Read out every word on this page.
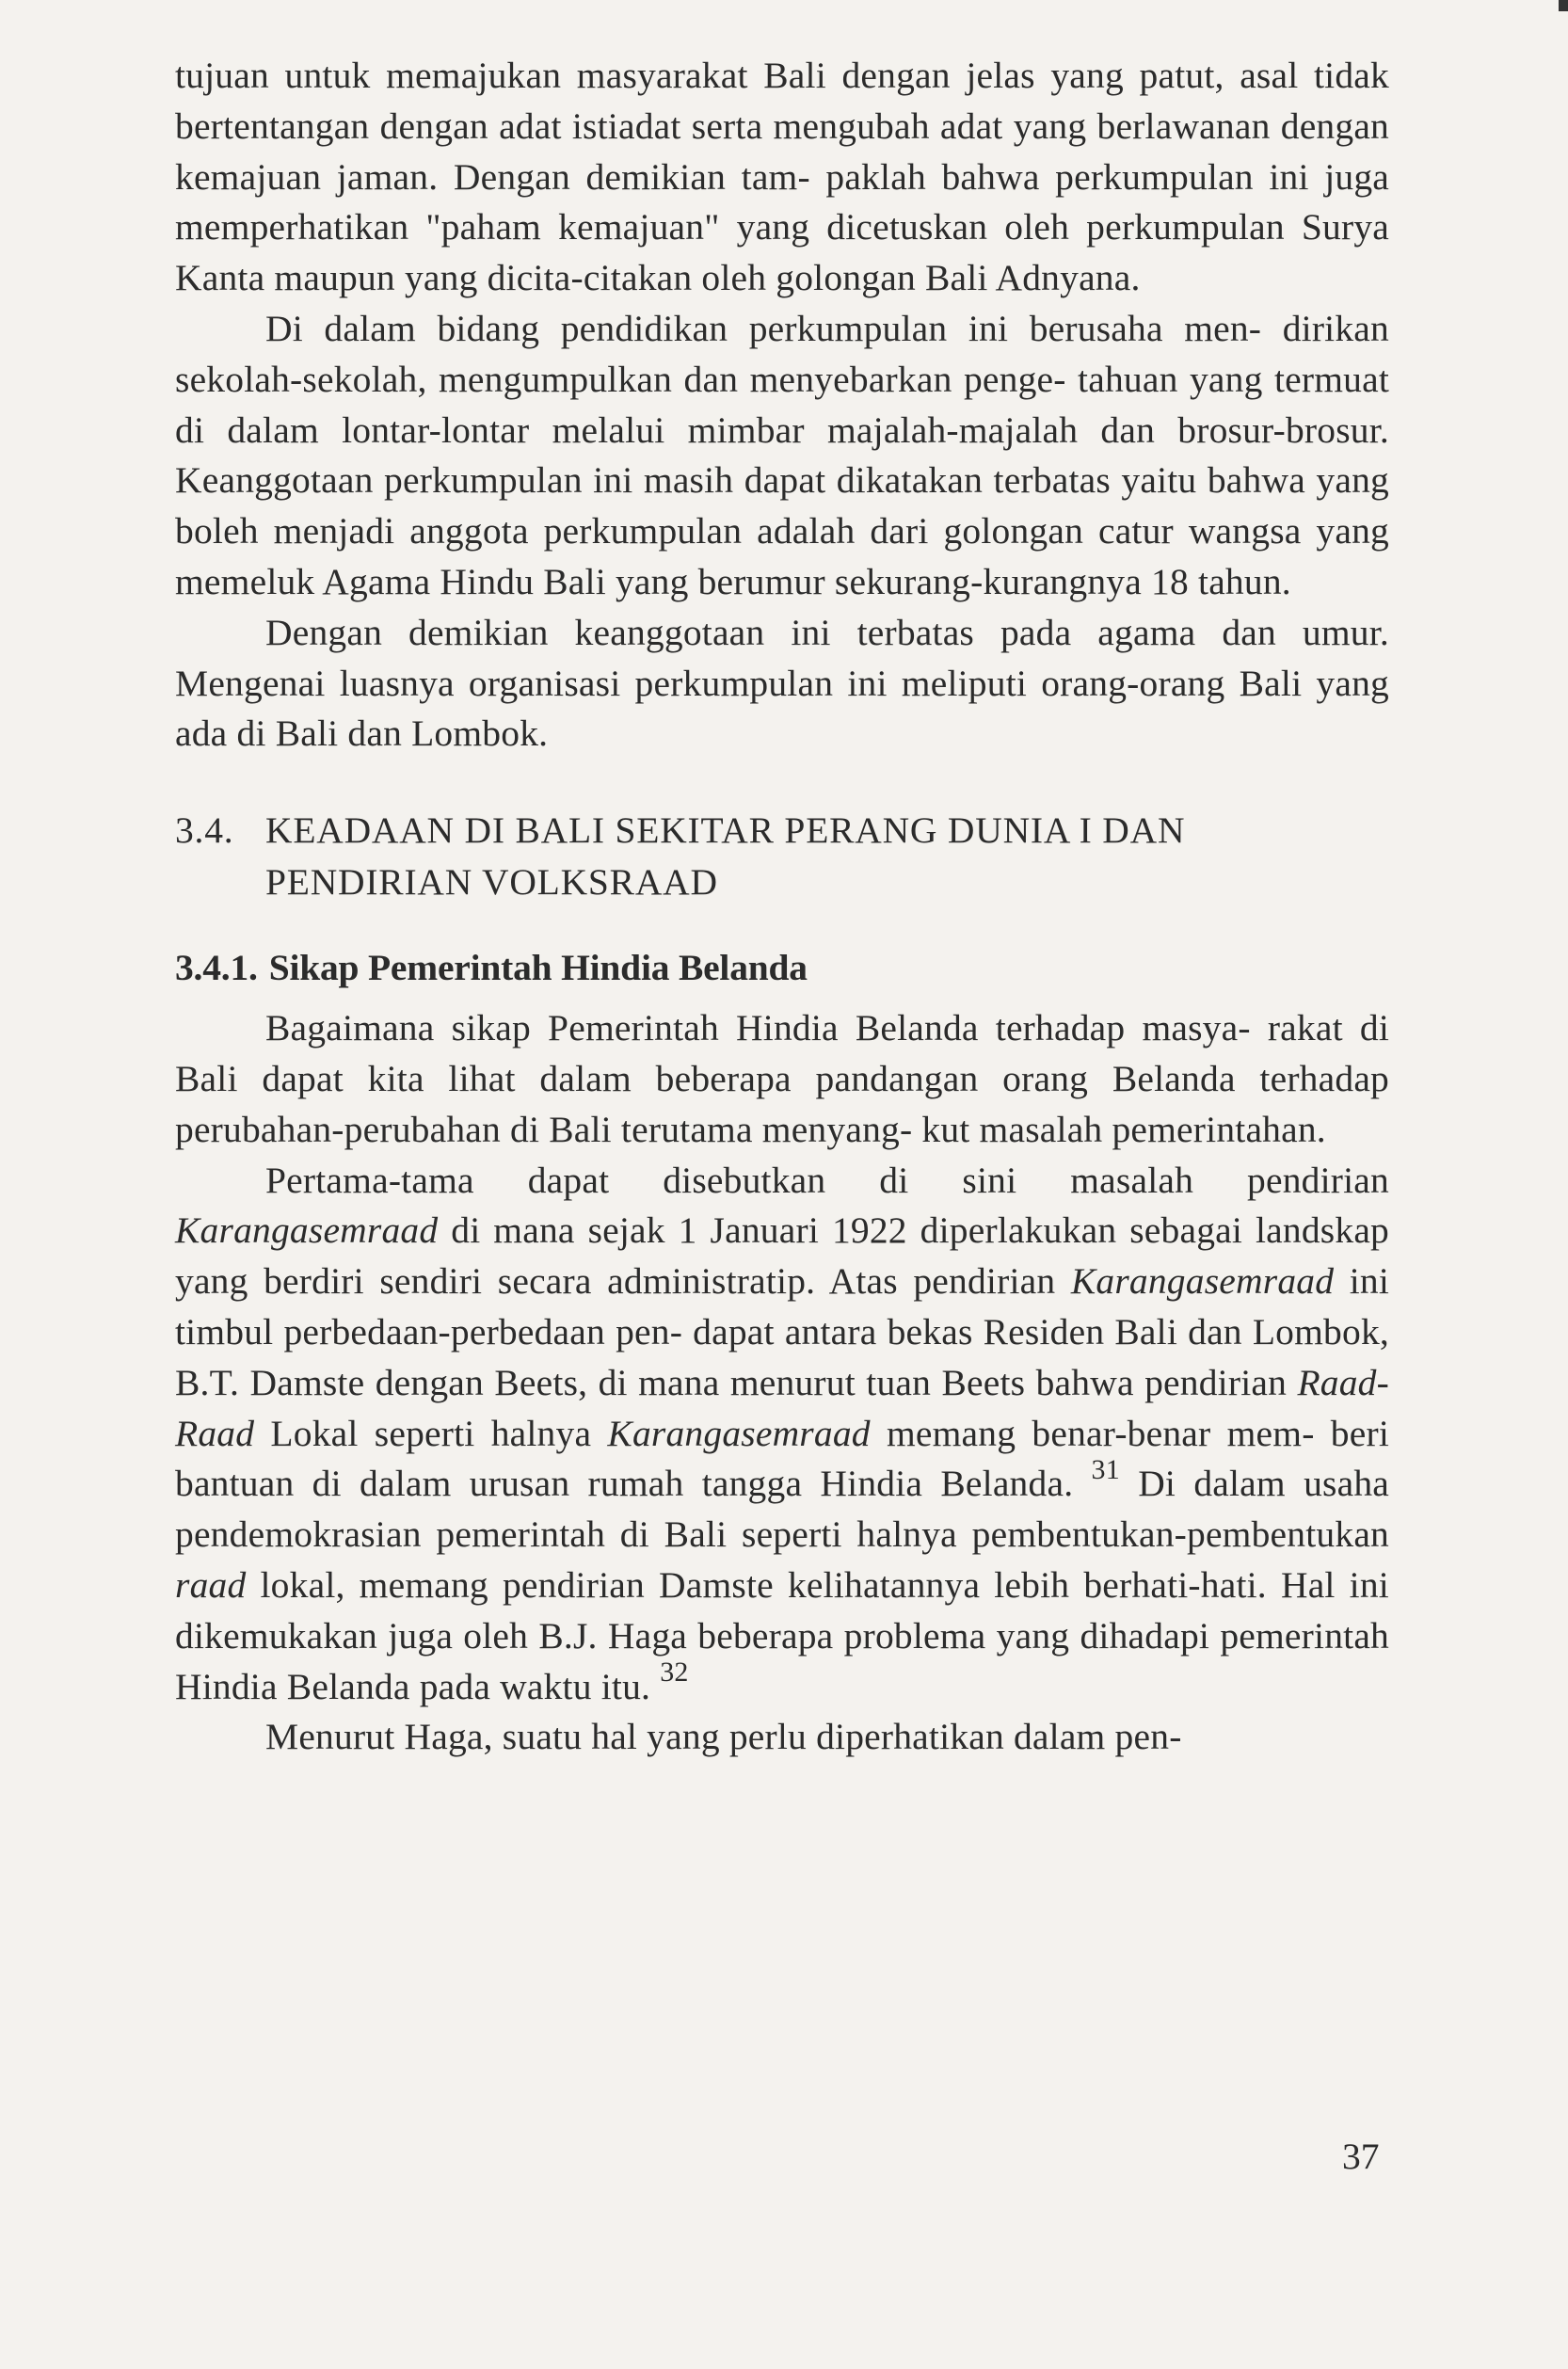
tujuan untuk memajukan masyarakat Bali dengan jelas yang patut, asal tidak bertentangan dengan adat istiadat serta mengubah adat yang berlawanan dengan kemajuan jaman. Dengan demikian tam- paklah bahwa perkumpulan ini juga memperhatikan "paham kemajuan" yang dicetuskan oleh perkumpulan Surya Kanta maupun yang dicita-citakan oleh golongan Bali Adnyana.

Di dalam bidang pendidikan perkumpulan ini berusaha men- dirikan sekolah-sekolah, mengumpulkan dan menyebarkan penge- tahuan yang termuat di dalam lontar-lontar melalui mimbar majalah-majalah dan brosur-brosur. Keanggotaan perkumpulan ini masih dapat dikatakan terbatas yaitu bahwa yang boleh menjadi anggota perkumpulan adalah dari golongan catur wangsa yang memeluk Agama Hindu Bali yang berumur sekurang-kurangnya 18 tahun.

Dengan demikian keanggotaan ini terbatas pada agama dan umur. Mengenai luasnya organisasi perkumpulan ini meliputi orang-orang Bali yang ada di Bali dan Lombok.

3.4. KEADAAN DI BALI SEKITAR PERANG DUNIA I DAN
PENDIRIAN VOLKSRAAD

3.4.1. Sikap Pemerintah Hindia Belanda

Bagaimana sikap Pemerintah Hindia Belanda terhadap masya- rakat di Bali dapat kita lihat dalam beberapa pandangan orang Belanda terhadap perubahan-perubahan di Bali terutama menyang- kut masalah pemerintahan.

Pertama-tama dapat disebutkan di sini masalah pendirian Karangasemraad di mana sejak 1 Januari 1922 diperlakukan sebagai landskap yang berdiri sendiri secara administratip. Atas pendirian Karangasemraad ini timbul perbedaan-perbedaan pen- dapat antara bekas Residen Bali dan Lombok, B.T. Damste dengan Beets, di mana menurut tuan Beets bahwa pendirian Raad-Raad Lokal seperti halnya Karangasemraad memang benar-benar mem- beri bantuan di dalam urusan rumah tangga Hindia Belanda. $^{31}$ Di dalam usaha pendemokrasian pemerintah di Bali seperti halnya pembentukan-pembentukan raad lokal, memang pendirian Damste kelihatannya lebih berhati-hati. Hal ini dikemukakan juga oleh B.J. Haga beberapa problema yang dihadapi pemerintah Hindia Belanda pada waktu itu. $^{32}$

Menurut Haga, suatu hal yang perlu diperhatikan dalam pen-

37
